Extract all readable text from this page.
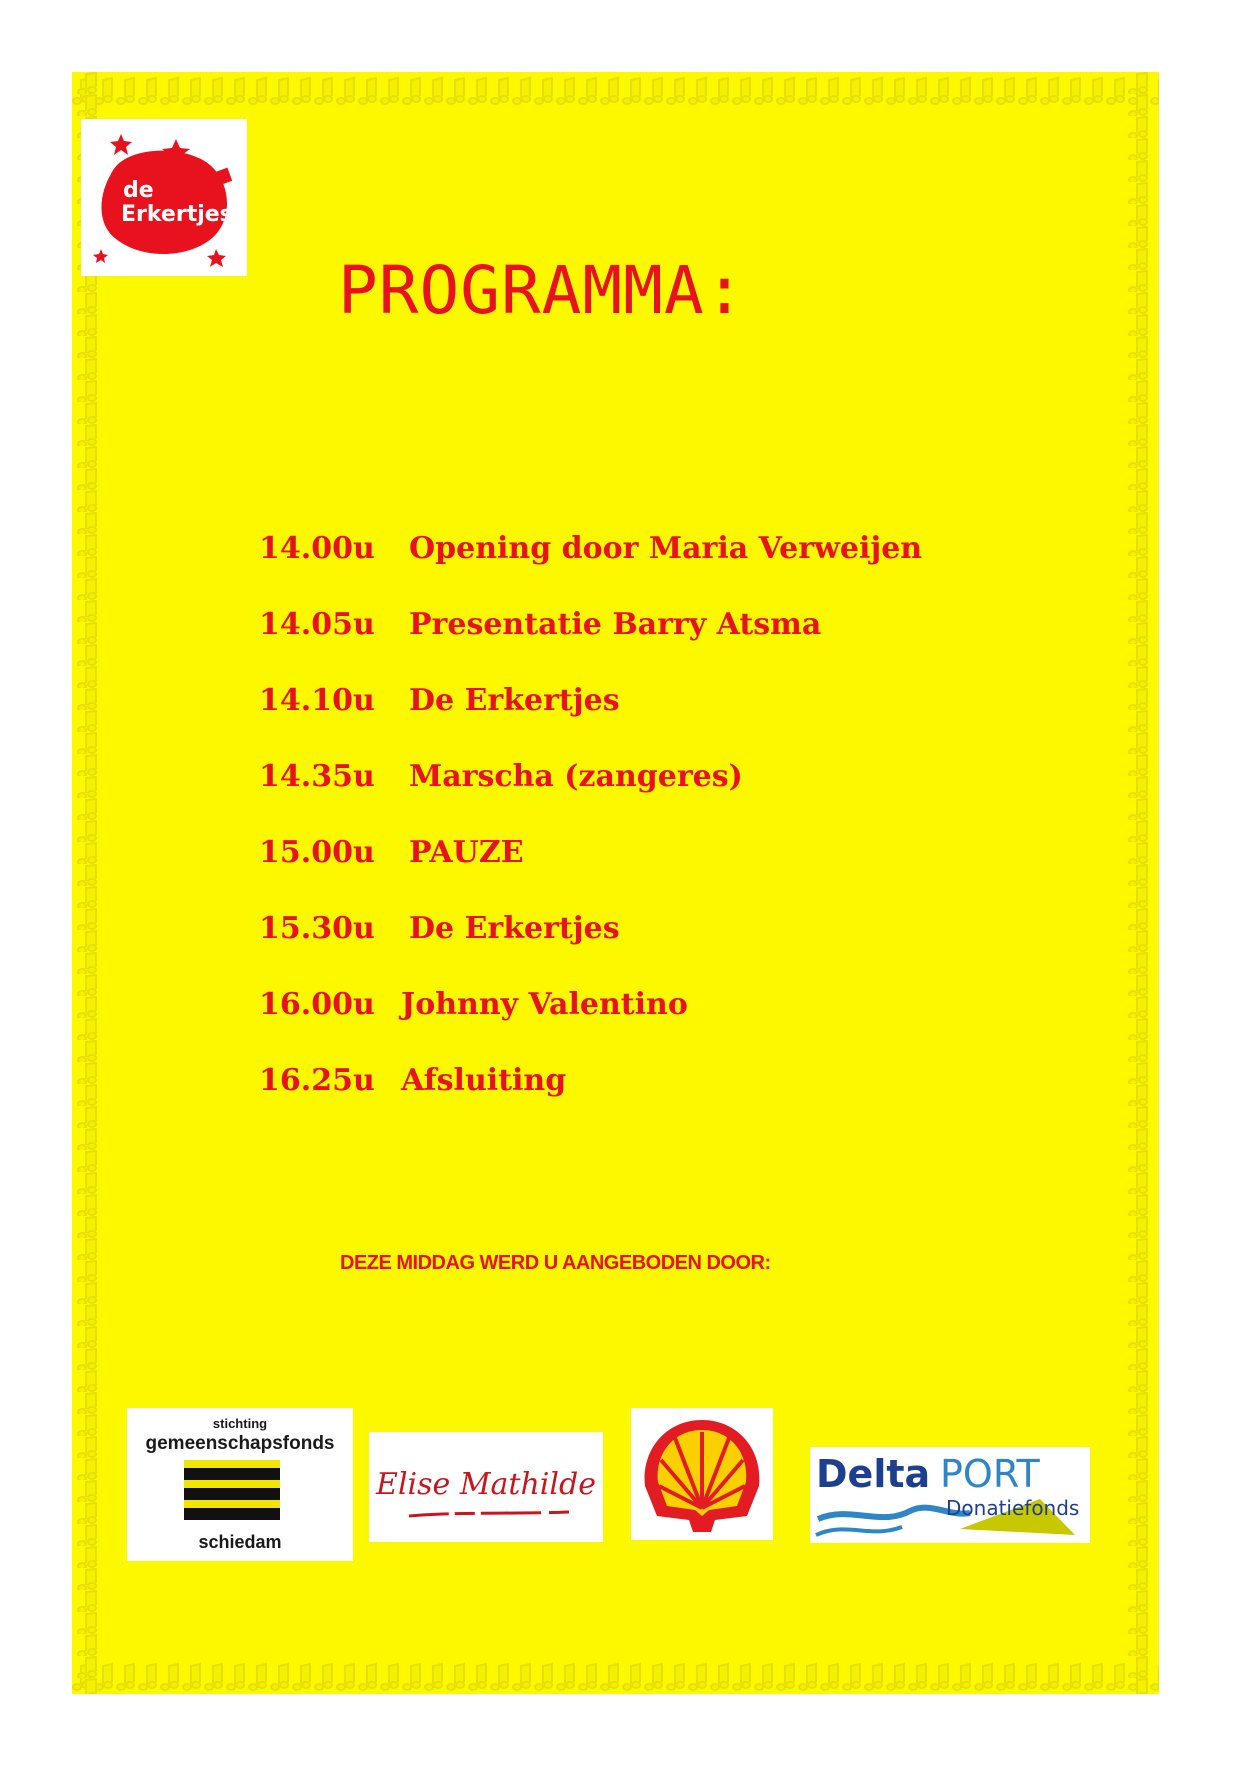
de
Erkertjes
PROGRAMMA:
14.00u	Opening door Maria Verweijen
14.05u	Presentatie Barry Atsma
14.10u	De Erkertjes
14.35u	Marscha (zangeres)
15.00u	PAUZE
15.30u	De Erkertjes
16.00u Johnny Valentino
16.25u Afsluiting
DEZE MIDDAG WERD U AANGEBODEN DOOR:
stichting
gemeenschapsfonds
schiedam
Elise Mathilde	Delta PORT
Donatiefonds
